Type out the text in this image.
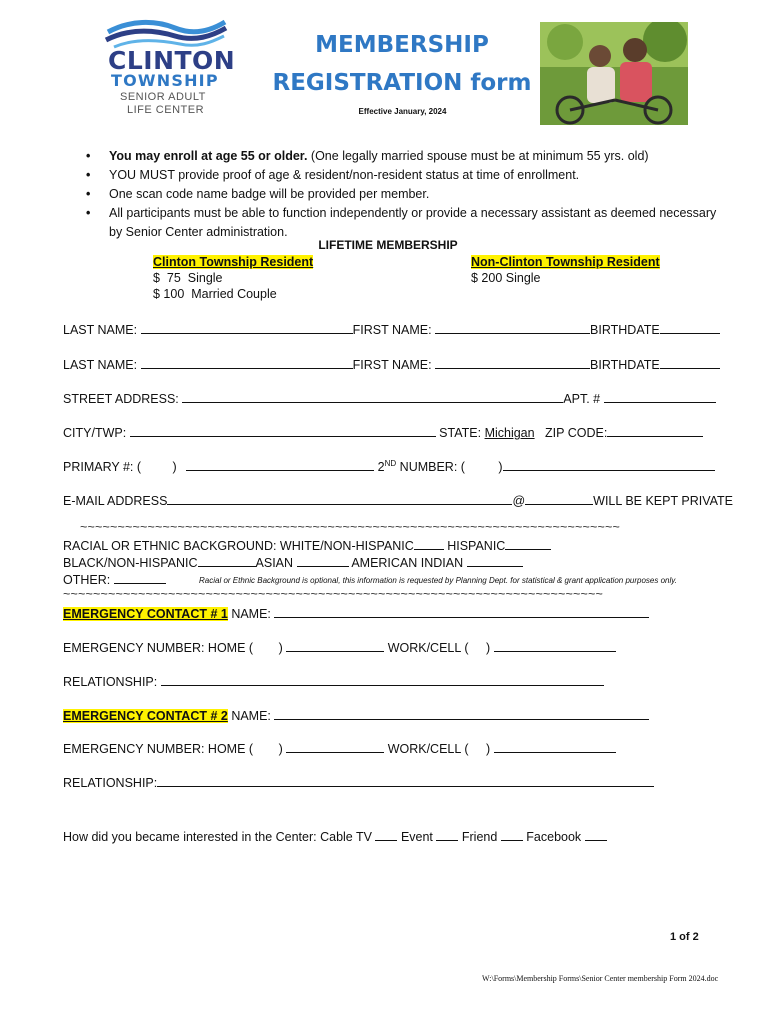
CLINTON
TOWNSHIP
SENIOR ADULT
LIFE CENTER
MEMBERSHIP
REGISTRATION form
Effective January, 2024
• You may enroll at age 55 or older. (One legally married spouse must be at minimum 55 yrs. old)
• YOU MUST provide proof of age & resident/non-resident status at time of enrollment.
• One scan code name badge will be provided per member.
• All participants must be able to function independently or provide a necessary assistant as deemed necessary by Senior Center administration.
LIFETIME MEMBERSHIP
Clinton Township Resident
$  75  Single
$ 100  Married Couple
Non-Clinton Township Resident
$ 200 Single
LAST NAME:	FIRST NAME:	BIRTHDATE
LAST NAME:	FIRST NAME:	BIRTHDATE
STREET ADDRESS:	APT. #
CITY/TWP:	STATE: Michigan ZIP CODE:
PRIMARY #: (	)	2ND NUMBER: (	)
E-MAIL ADDRESS	@	WILL BE KEPT PRIVATE
~~~~~~~~~~~~~~~~~~~~~~~~~~~~~~~~~~~~~~~~~~~~~~~~~~~~~~~~~~~~~~~~~~~~~~~~
RACIAL OR ETHNIC BACKGROUND: WHITE/NON-HISPANIC	HISPANIC
BLACK/NON-HISPANIC	ASIAN	AMERICAN INDIAN
OTHER:	Racial or Ethnic Background is optional, this information is requested by Planning Dept. for statistical & grant application purposes only.
~~~~~~~~~~~~~~~~~~~~~~~~~~~~~~~~~~~~~~~~~~~~~~~~~~~~~~~~~~~~~~~~~~~~~~~~
EMERGENCY CONTACT # 1 NAME:
EMERGENCY NUMBER: HOME ( )	WORK/CELL ( )
RELATIONSHIP:
EMERGENCY CONTACT # 2 NAME:
EMERGENCY NUMBER: HOME ( )	WORK/CELL ( )
RELATIONSHIP:
How did you became interested in the Center: Cable TV Event Friend Facebook
1 of 2
W:\Forms\Membership Forms\Senior Center membership Form 2024.doc
